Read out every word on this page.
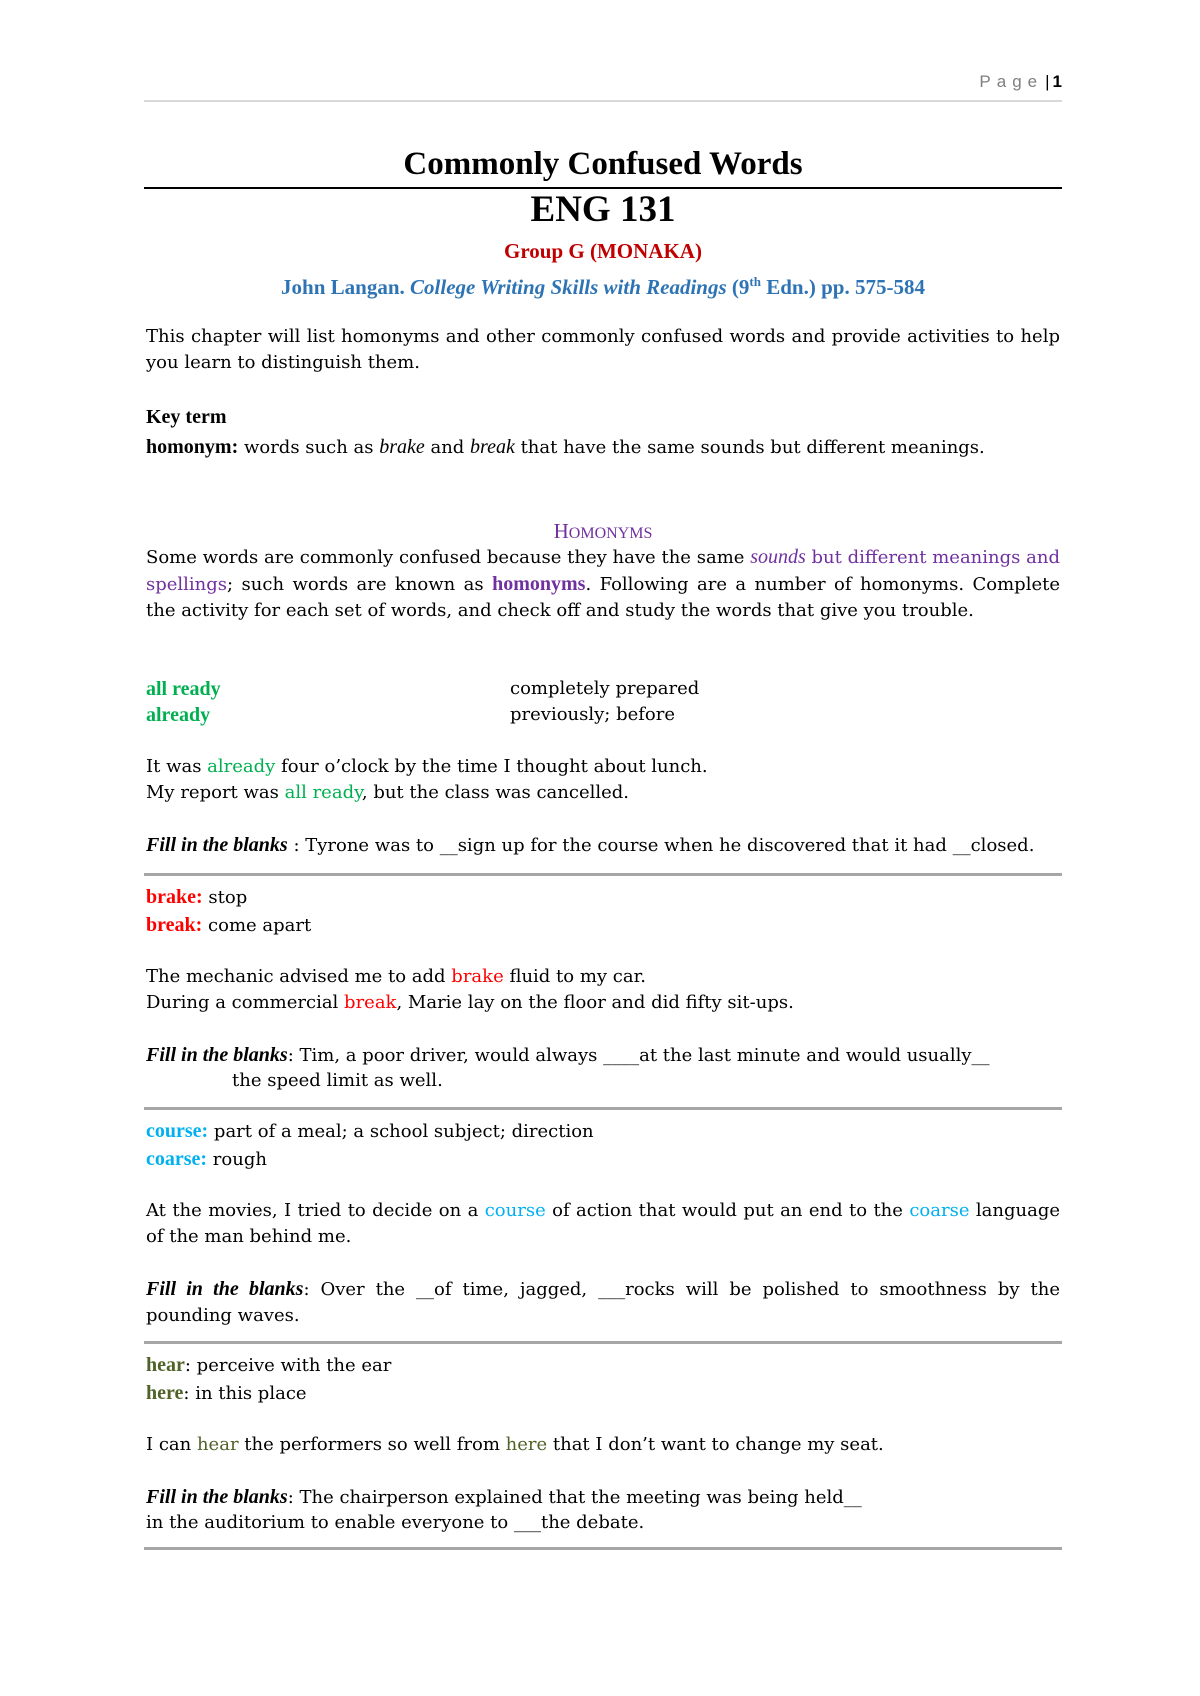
Page | 1
Commonly Confused Words
ENG 131
Group G (MONAKA)
John Langan. College Writing Skills with Readings (9th Edn.) pp. 575-584
This chapter will list homonyms and other commonly confused words and provide activities to help you learn to distinguish them.
Key term
homonym: words such as brake and break that have the same sounds but different meanings.
HOMONYMS
Some words are commonly confused because they have the same sounds but different meanings and spellings; such words are known as homonyms. Following are a number of homonyms. Complete the activity for each set of words, and check off and study the words that give you trouble.
all ready	completely prepared
already	previously; before
It was already four o’clock by the time I thought about lunch.
My report was all ready, but the class was cancelled.
Fill in the blanks : Tyrone was to __sign up for the course when he discovered that it had __closed.
brake: stop
break: come apart
The mechanic advised me to add brake fluid to my car.
During a commercial break, Marie lay on the floor and did fifty sit-ups.
Fill in the blanks: Tim, a poor driver, would always ____at the last minute and would usually__
the speed limit as well.
course: part of a meal; a school subject; direction
coarse: rough
At the movies, I tried to decide on a course of action that would put an end to the coarse language of the man behind me.
Fill in the blanks: Over the __of time, jagged, ___rocks will be polished to smoothness by the pounding waves.
hear: perceive with the ear
here: in this place
I can hear the performers so well from here that I don’t want to change my seat.
Fill in the blanks: The chairperson explained that the meeting was being held__
in the auditorium to enable everyone to ___the debate.
